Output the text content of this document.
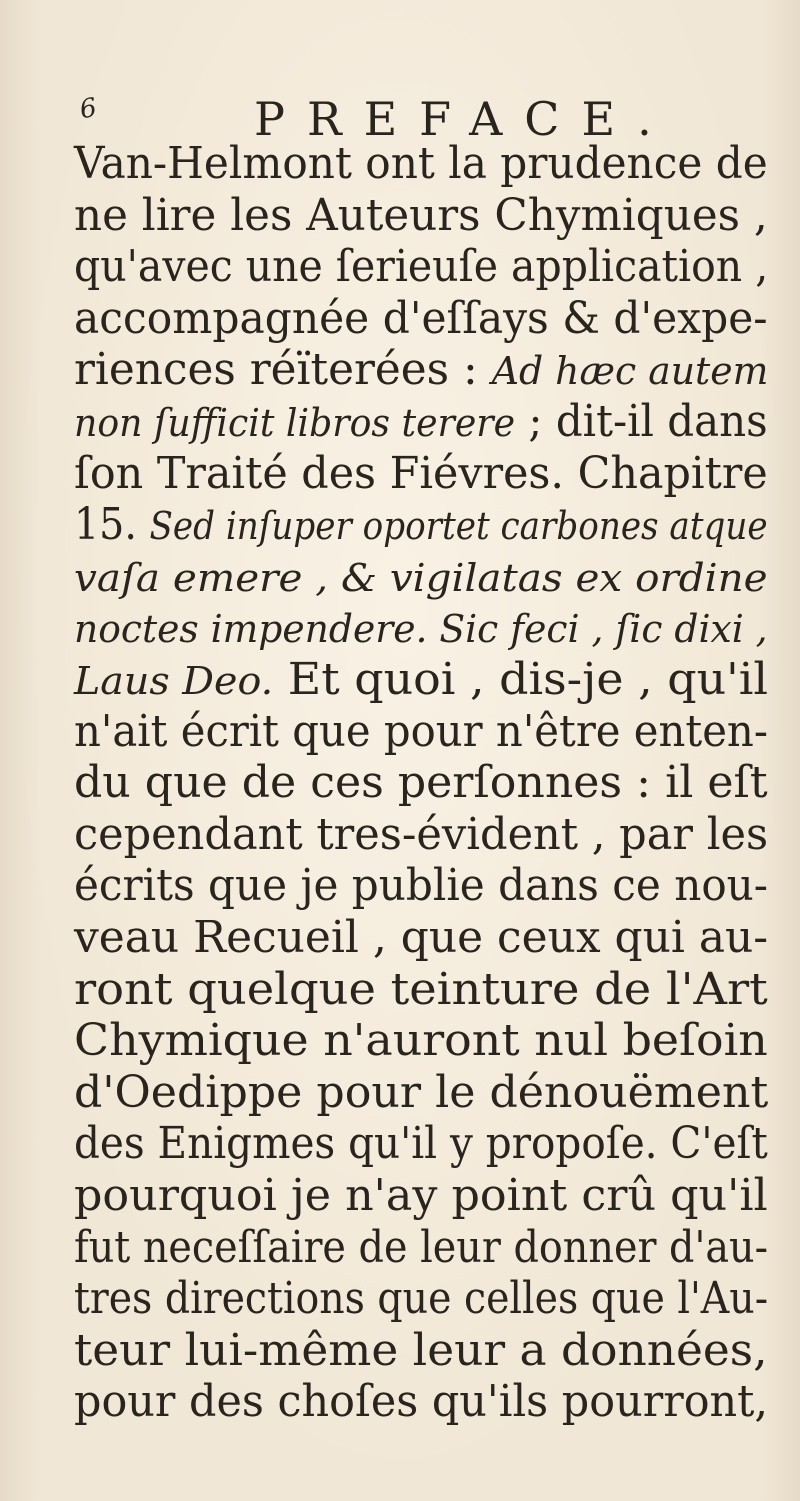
6	PREFACE.
Van-Helmont ont la prudence de
ne lire les Auteurs Chymiques ,
qu'avec une ſerieuſe application ,
accompagnée d'eſſays & d'expe-
riences réïterées : Ad hæc autem
non ſufficit libros terere ; dit-il dans
ſon Traité des Fiévres. Chapitre
15. Sed inſuper oportet carbones atque
vaſa emere , & vigilatas ex ordine
noctes impendere. Sic feci , ſic dixi ,
Laus Deo. Et quoi , dis-je , qu'il
n'ait écrit que pour n'être enten-
du que de ces perſonnes : il eſt
cependant tres-évident , par les
écrits que je publie dans ce nou-
veau Recueil , que ceux qui au-
ront quelque teinture de l'Art
Chymique n'auront nul beſoin
d'Oedippe pour le dénouëment
des Enigmes qu'il y propoſe. C'eſt
pourquoi je n'ay point crû qu'il
fut neceſſaire de leur donner d'au-
tres directions que celles que l'Au-
teur lui-même leur a données,
pour des choſes qu'ils pourront,
